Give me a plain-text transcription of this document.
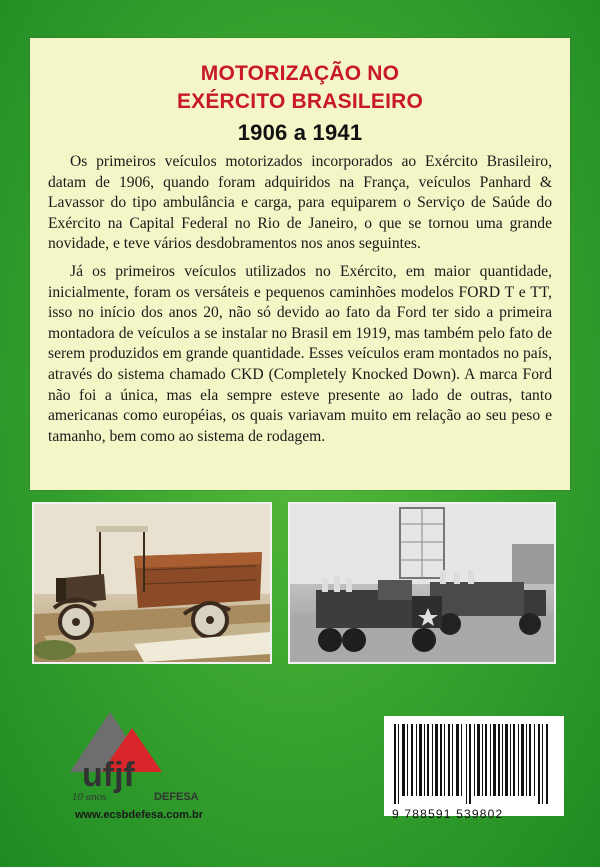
MOTORIZAÇÃO NO
EXÉRCITO BRASILEIRO
1906 a 1941

Os primeiros veículos motorizados incorporados ao Exército Brasileiro, datam de 1906, quando foram adquiridos na França, veículos Panhard & Lavassor do tipo ambulância e carga, para equiparem o Serviço de Saúde do Exército na Capital Federal no Rio de Janeiro, o que se tornou uma grande novidade, e teve vários desdobramentos nos anos seguintes.

Já os primeiros veículos utilizados no Exército, em maior quantidade, inicialmente, foram os versáteis e pequenos caminhões modelos FORD T e TT, isso no início dos anos 20, não só devido ao fato da Ford ter sido a primeira montadora de veículos a se instalar no Brasil em 1919, mas também pelo fato de serem produzidos em grande quantidade. Esses veículos eram montados no país, através do sistema chamado CKD (Completely Knocked Down). A marca Ford não foi a única, mas ela sempre esteve presente ao lado de outras, tanto americanas como européias, os quais variavam muito em relação ao seu peso e tamanho, bem como ao sistema de rodagem.

ufjf
10 anos	DEFESA
www.ecsbdefesa.com.br	9 788591 539802
